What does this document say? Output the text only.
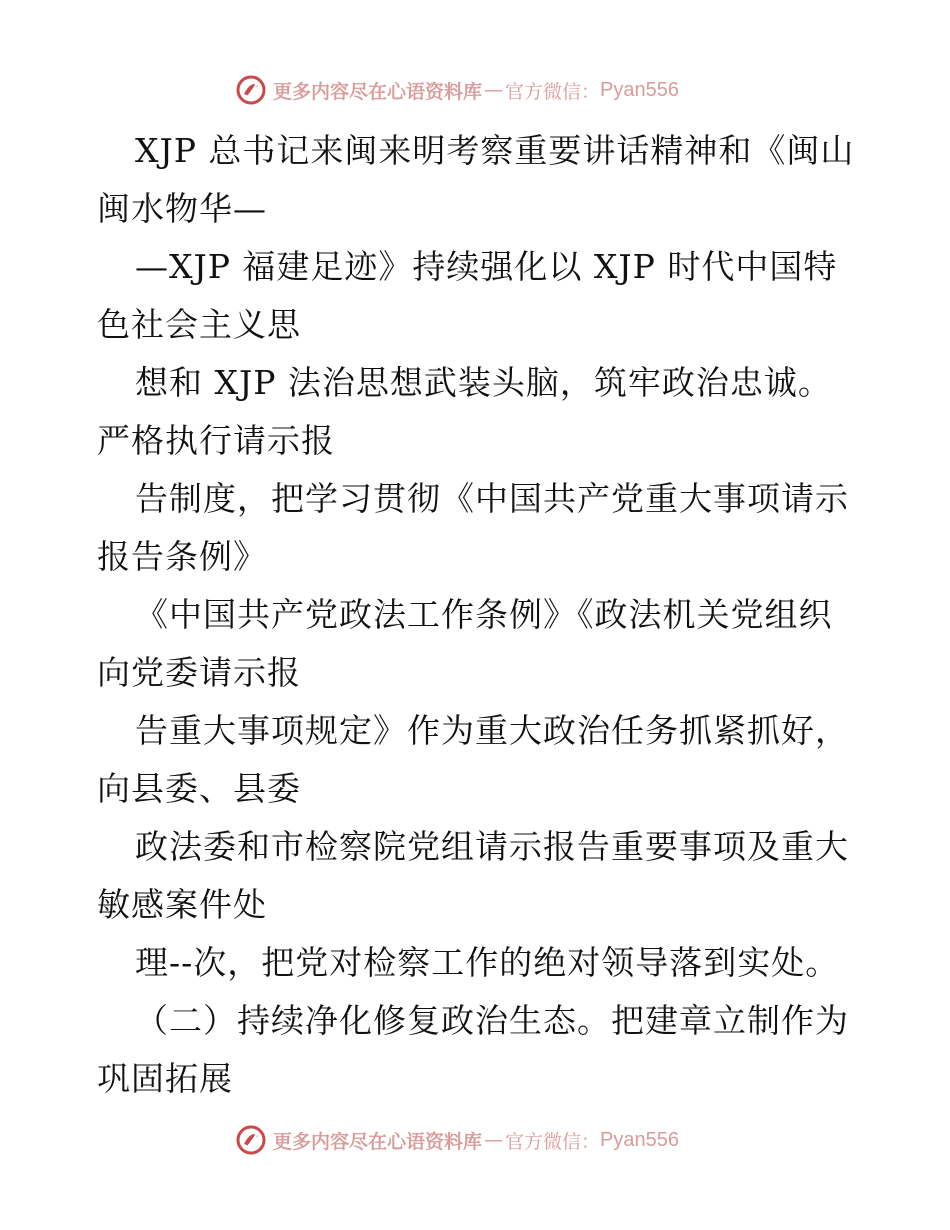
更多内容尽在心语资料库 — 官方微信： Pyan556
XJP 总书记来闽来明考察重要讲话精神和《闽山
闽水物华—
—XJP 福建足迹》持续强化以 XJP 时代中国特
色社会主义思
想和 XJP 法治思想武装头脑，筑牢政治忠诚。
严格执行请示报
告制度，把学习贯彻《中国共产党重大事项请示
报告条例》
《中国共产党政法工作条例》《政法机关党组织
向党委请示报
告重大事项规定》作为重大政治任务抓紧抓好，
向县委、县委
政法委和市检察院党组请示报告重要事项及重大
敏感案件处
理--次，把党对检察工作的绝对领导落到实处。
（二）持续净化修复政治生态。把建章立制作为
巩固拓展
更多内容尽在心语资料库 — 官方微信： Pyan556
